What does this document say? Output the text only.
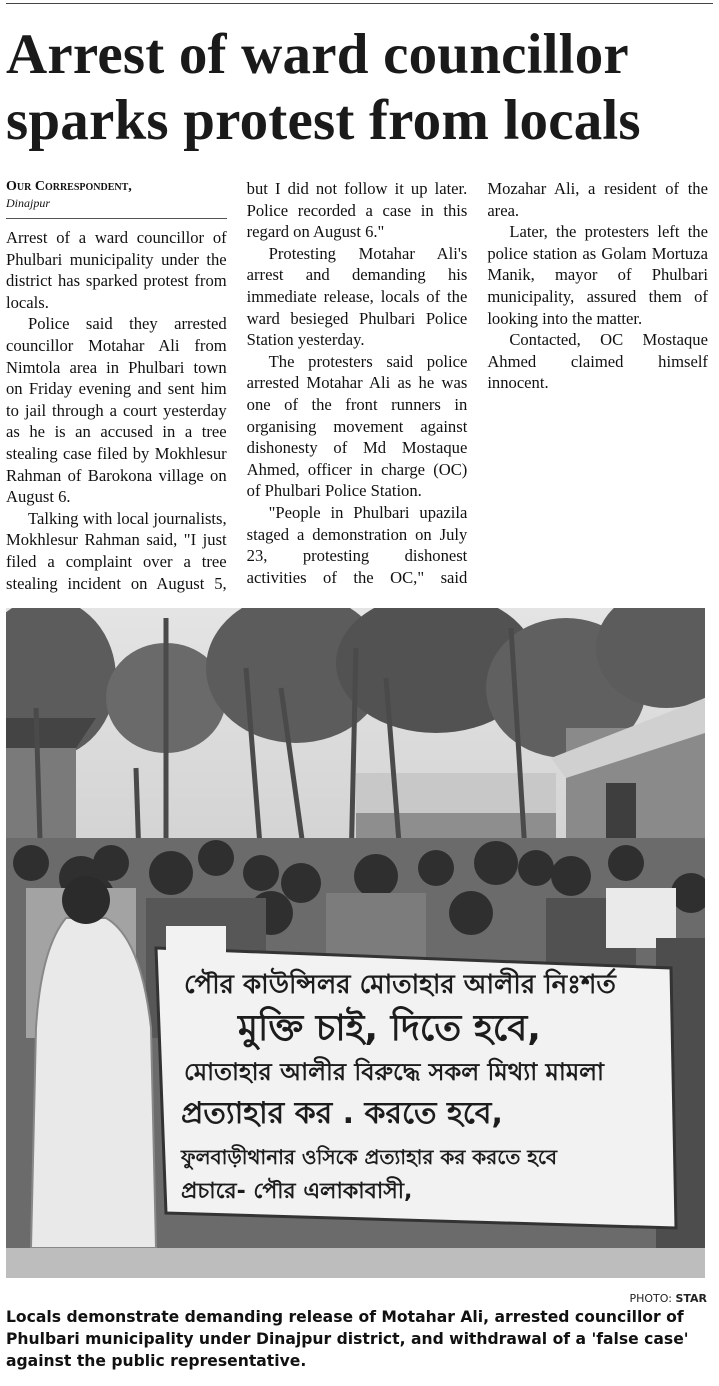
Arrest of ward councillor sparks protest from locals
Our Correspondent,
Dinajpur

Arrest of a ward councillor of Phulbari municipality under the district has sparked protest from locals.

Police said they arrested councillor Motahar Ali from Nimtola area in Phulbari town on Friday evening and sent him to jail through a court yesterday as he is an accused in a tree stealing case filed by Mokhlesur Rahman of Barokona village on August 6.

Talking with local journalists, Mokhlesur Rahman said, "I just filed a complaint over a tree stealing incident on August 5, but I did not follow it up later. Police recorded a case in this regard on August 6."

Protesting Motahar Ali's arrest and demanding his immediate release, locals of the ward besieged Phulbari Police Station yesterday.

The protesters said police arrested Motahar Ali as he was one of the front runners in organising movement against dishonesty of Md Mostaque Ahmed, officer in charge (OC) of Phulbari Police Station.

"People in Phulbari upazila staged a demonstration on July 23, protesting dishonest activities of the OC," said Mozahar Ali, a resident of the area.

Later, the protesters left the police station as Golam Mortuza Manik, mayor of Phulbari municipality, assured them of looking into the matter.

Contacted, OC Mostaque Ahmed claimed himself innocent.

পৌর কাউন্সিলর মোতাহার আলীর নিঃশর্ত
মুক্তি চাই, দিতে হবে,
মোতাহার আলীর বিরুদ্ধে সকল মিথ্যা মামলা
প্রত্যাহার কর . করতে হবে,
ফুলবাড়ীথানার ওসিকে প্রত্যাহার কর করতে হবে
প্রচারে- পৌর এলাকাবাসী,
PHOTO: STAR

Locals demonstrate demanding release of Motahar Ali, arrested councillor of Phulbari municipality under Dinajpur district, and withdrawal of a 'false case' against the public representative.
